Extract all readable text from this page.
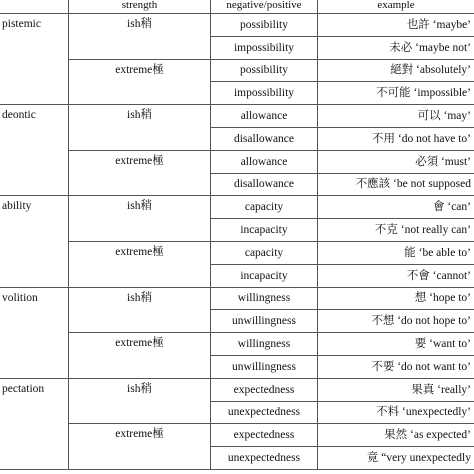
	strength	negative/positive	example
pistemic	ish稍	possibility	也許 ‘maybe’
		impossibility	未必 ‘maybe not’
	extreme極	possibility	絕對 ‘absolutely’
		impossibility	不可能 ‘impossible’
deontic	ish稍	allowance	可以 ‘may’
		disallowance	不用 ‘do not have to’
	extreme極	allowance	必須 ‘must’
		disallowance	不應該 ‘be not supposed
ability	ish稍	capacity	會 ‘can’
		incapacity	不克 ‘not really can’
	extreme極	capacity	能 ‘be able to’
		incapacity	不會 ‘cannot’
volition	ish稍	willingness	想 ‘hope to’
		unwillingness	不想 ‘do not hope to’
	extreme極	willingness	要 ‘want to’
		unwillingness	不要 ‘do not want to’
pectation	ish稍	expectedness	果真 ‘really’
		unexpectedness	不料 ‘unexpectedly’
	extreme極	expectedness	果然 ‘as expected’
		unexpectedness	竟 “very unexpectedly
